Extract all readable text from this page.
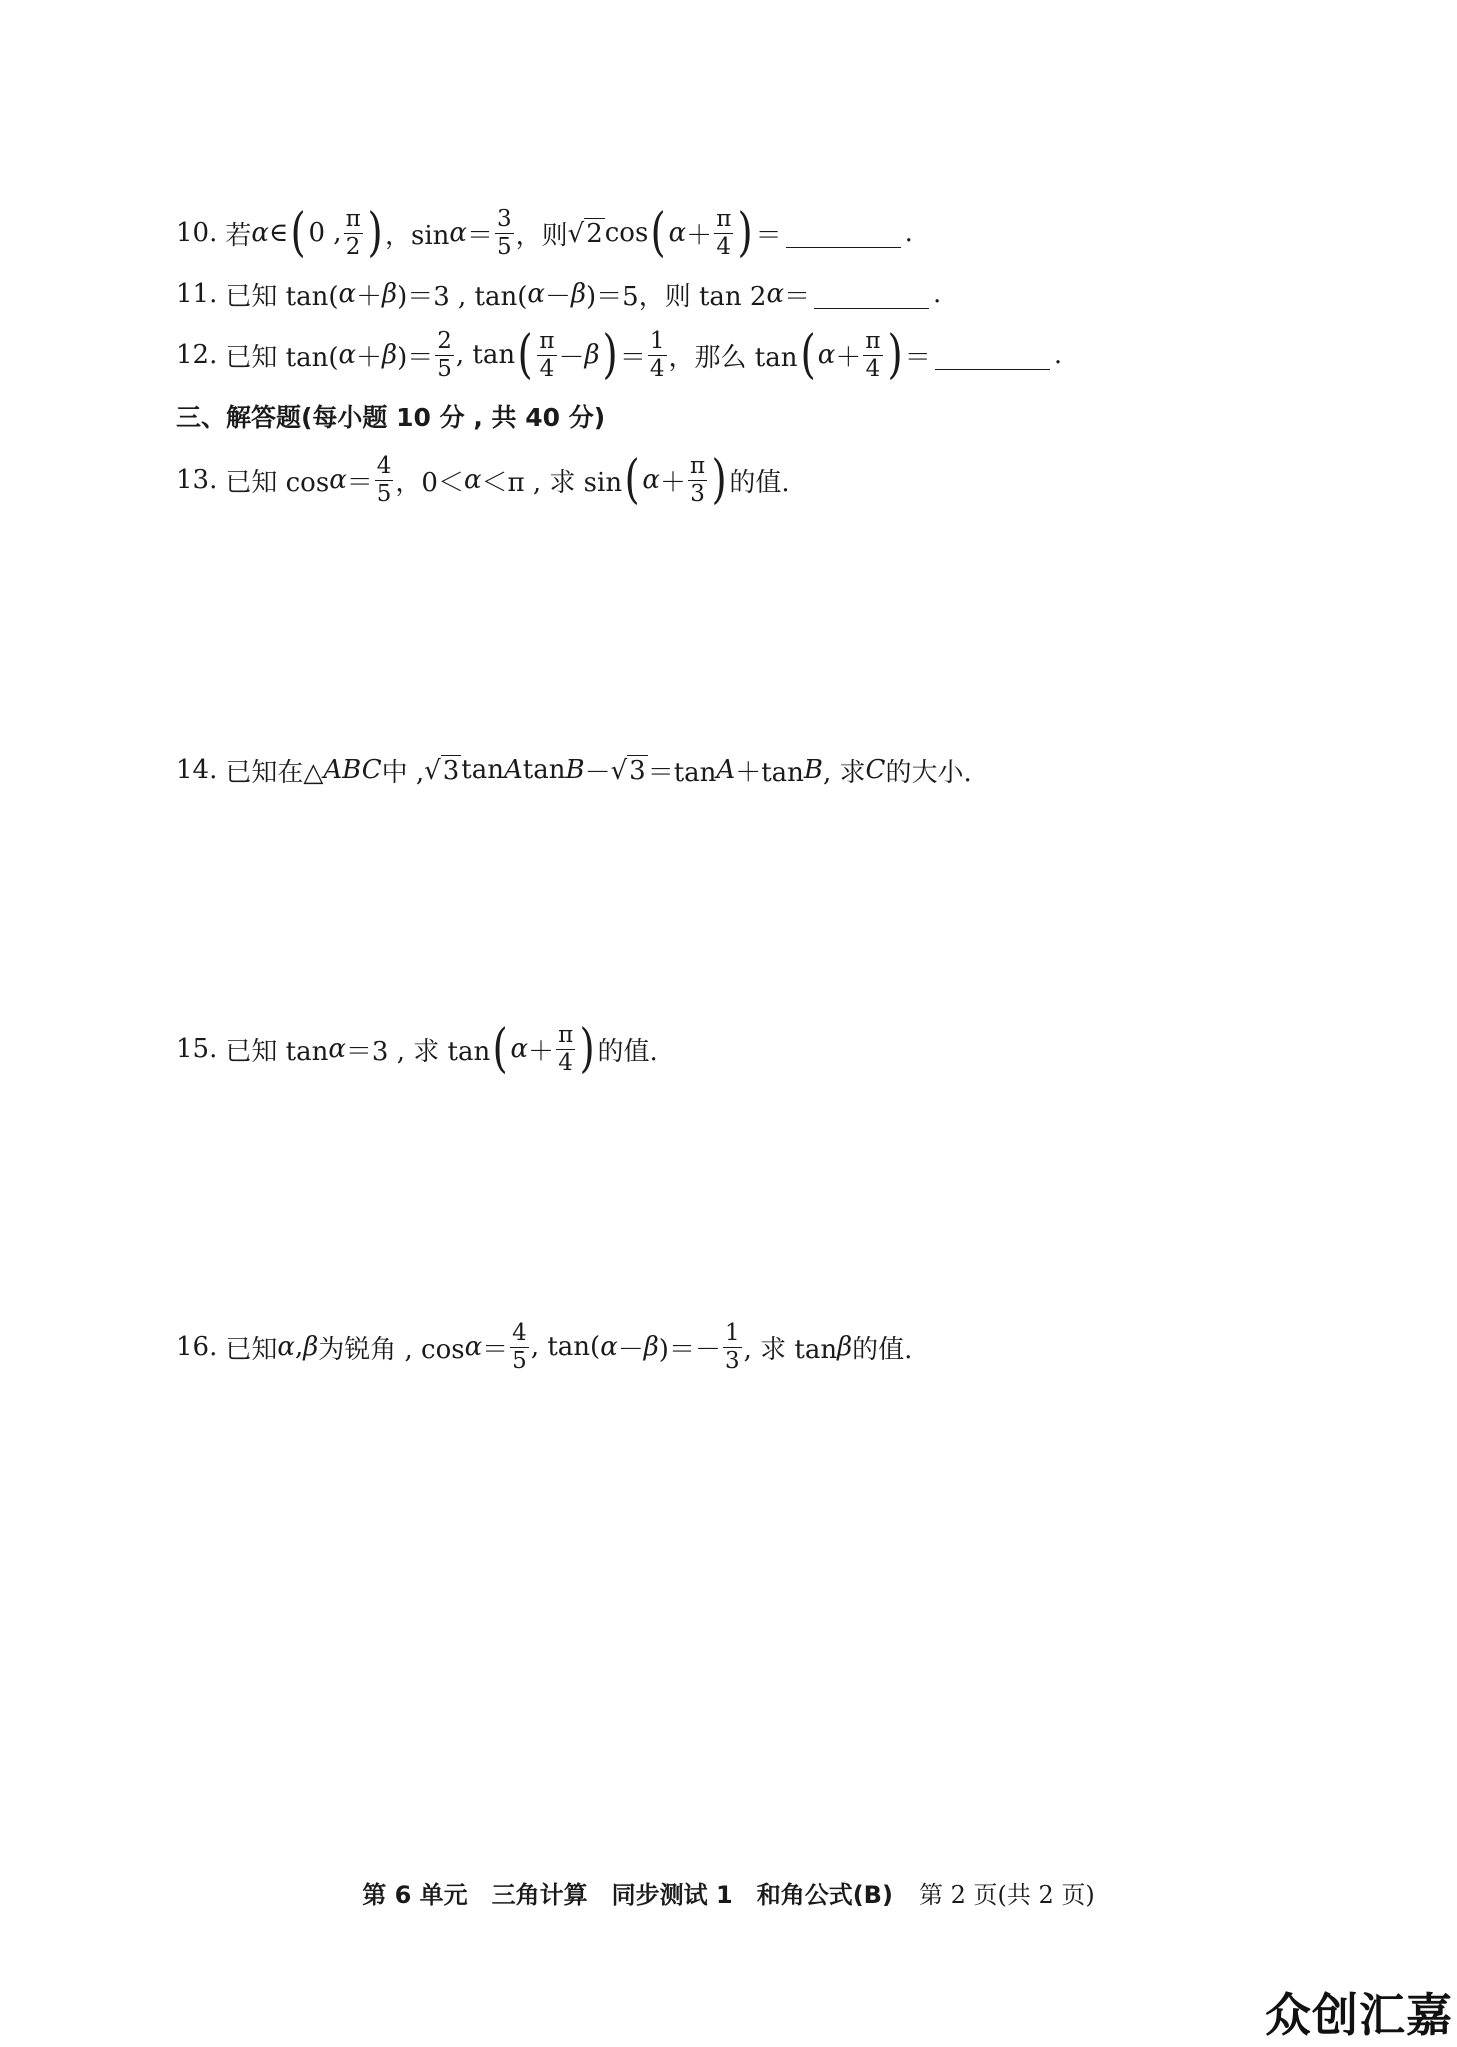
10. 若 α ∈ ( 0 , $\frac{\pi}{2}$ ) ，$\sin \alpha = \frac{3}{5}$ ，则 √ 2 cos ( $\alpha + \frac{\pi}{4}$ ) ＝	.
11. 已知 tan( α ＋ β )＝3 , tan( α － β )＝5，则 tan 2 α ＝	.
12. 已知 tan( α ＋ β )＝ $\frac{2}{5}$ , tan ( $\frac{\pi}{4} - \beta$ ) ＝ $\frac{1}{4}$ ，那么 tan ( $\alpha + \frac{\pi}{4}$ ) ＝	.
三、解答题(每小题 10 分 , 共 40 分)
13. 已知 $\cos \alpha = \frac{4}{5}$ ，0＜ α ＜π , 求 sin ( $\alpha + \frac{\pi}{3}$ ) 的值.
14. 已知在△ ABC 中 , √ 3 tan A tan B － √ 3 ＝tan A ＋tan B , 求 C 的大小.
15. 已知 tan α ＝3 , 求 tan ( $\alpha + \frac{\pi}{4}$ ) 的值.
16. 已知 α , β 为锐角 , $\cos \alpha = \frac{4}{5}$ , tan( α － β )＝－ $\frac{1}{3}$ , 求 tan β 的值.
第 6 单元　三角计算　同步测试 1　和角公式(B) 第 2 页(共 2 页)
众创汇嘉
